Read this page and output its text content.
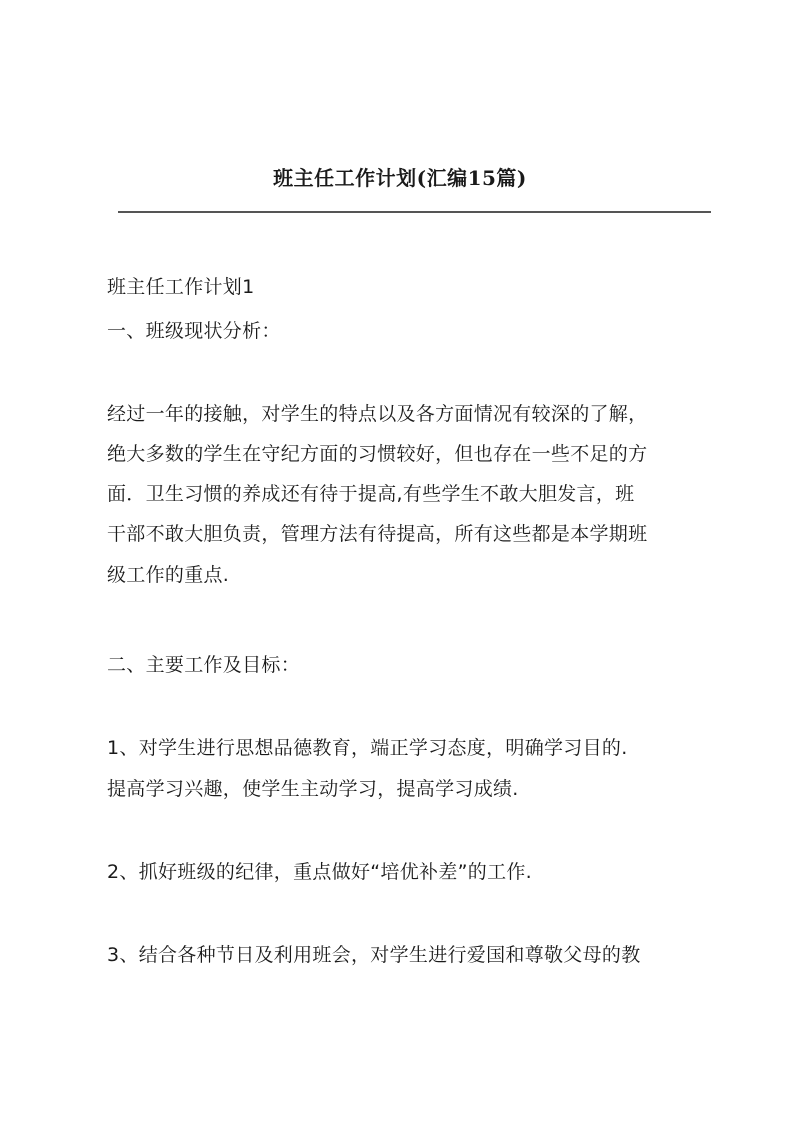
班主任工作计划(汇编15篇)
班主任工作计划1
一、班级现状分析：
经过一年的接触，对学生的特点以及各方面情况有较深的了解，
绝大多数的学生在守纪方面的习惯较好，但也存在一些不足的方
面．卫生习惯的养成还有待于提高,有些学生不敢大胆发言，班
干部不敢大胆负责，管理方法有待提高，所有这些都是本学期班
级工作的重点.
二、主要工作及目标：
1、对学生进行思想品德教育，端正学习态度，明确学习目的.
提高学习兴趣，使学生主动学习，提高学习成绩.
2、抓好班级的纪律，重点做好“培优补差”的工作.
3、结合各种节日及利用班会，对学生进行爱国和尊敬父母的教
